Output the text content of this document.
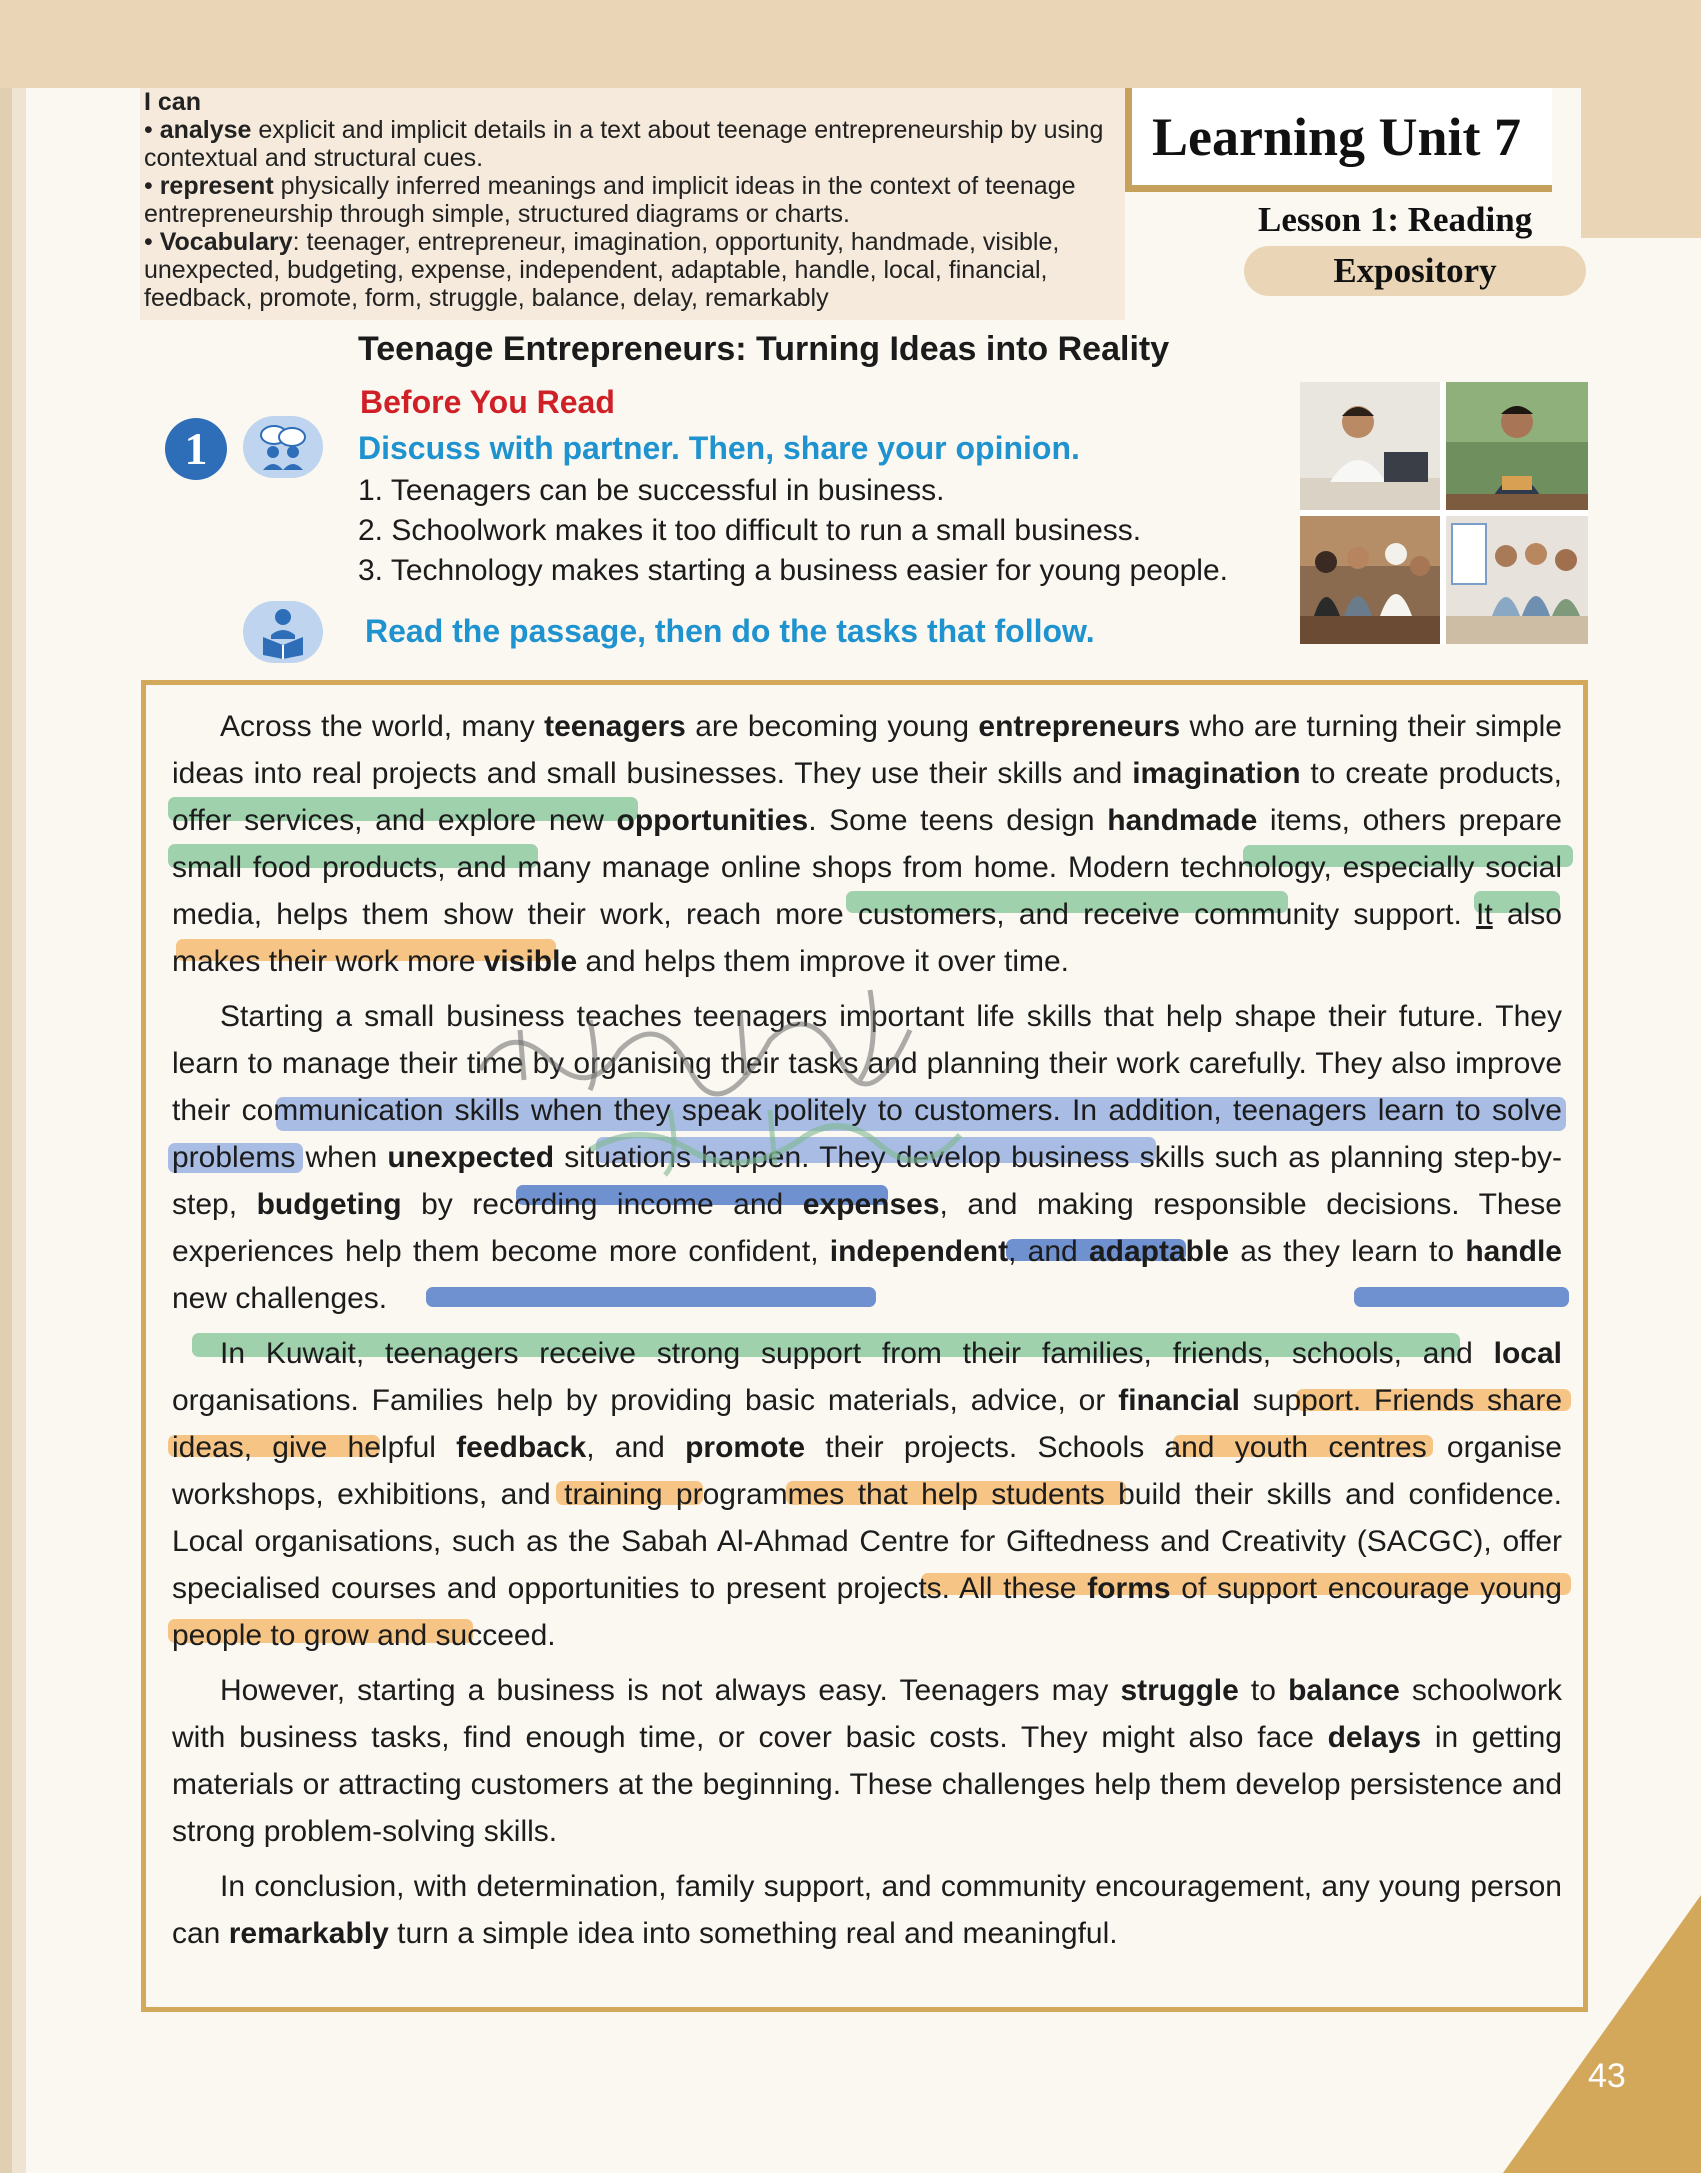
I can

• analyse explicit and implicit details in a text about teenage entrepreneurship by using contextual and structural cues.

• represent physically inferred meanings and implicit ideas in the context of teenage entrepreneurship through simple, structured diagrams or charts.

• Vocabulary: teenager, entrepreneur, imagination, opportunity, handmade, visible, unexpected, budgeting, expense, independent, adaptable, handle, local, financial, feedback, promote, form, struggle, balance, delay, remarkably

Learning Unit 7
Lesson 1: Reading
Expository
Teenage Entrepreneurs: Turning Ideas into Reality
Before You Read
1	Discuss with partner. Then, share your opinion.
1. Teenagers can be successful in business.
2. Schoolwork makes it too difficult to run a small business.
3. Technology makes starting a business easier for young people.
Read the passage, then do the tasks that follow.

Across the world, many teenagers are becoming young entrepreneurs who are turning their simple ideas into real projects and small businesses. They use their skills and imagination to create products, offer services, and explore new opportunities. Some teens design handmade items, others prepare small food products, and many manage online shops from home. Modern technology, especially social media, helps them show their work, reach more customers, and receive community support. It also makes their work more visible and helps them improve it over time.

Starting a small business teaches teenagers important life skills that help shape their future. They learn to manage their time by organising their tasks and planning their work carefully. They also improve their communication skills when they speak politely to customers. In addition, teenagers learn to solve problems when unexpected situations happen. They develop business skills such as planning step-by-step, budgeting by recording income and expenses, and making responsible decisions. These experiences help them become more confident, independent, and adaptable as they learn to handle new challenges.

In Kuwait, teenagers receive strong support from their families, friends, schools, and local organisations. Families help by providing basic materials, advice, or financial support. Friends share ideas, give helpful feedback, and promote their projects. Schools and youth centres organise workshops, exhibitions, and training programmes that help students build their skills and confidence. Local organisations, such as the Sabah Al-Ahmad Centre for Giftedness and Creativity (SACGC), offer specialised courses and opportunities to present projects. All these forms of support encourage young people to grow and succeed.

However, starting a business is not always easy. Teenagers may struggle to balance schoolwork with business tasks, find enough time, or cover basic costs. They might also face delays in getting materials or attracting customers at the beginning. These challenges help them develop persistence and strong problem-solving skills.

In conclusion, with determination, family support, and community encouragement, any young person can remarkably turn a simple idea into something real and meaningful.

43
